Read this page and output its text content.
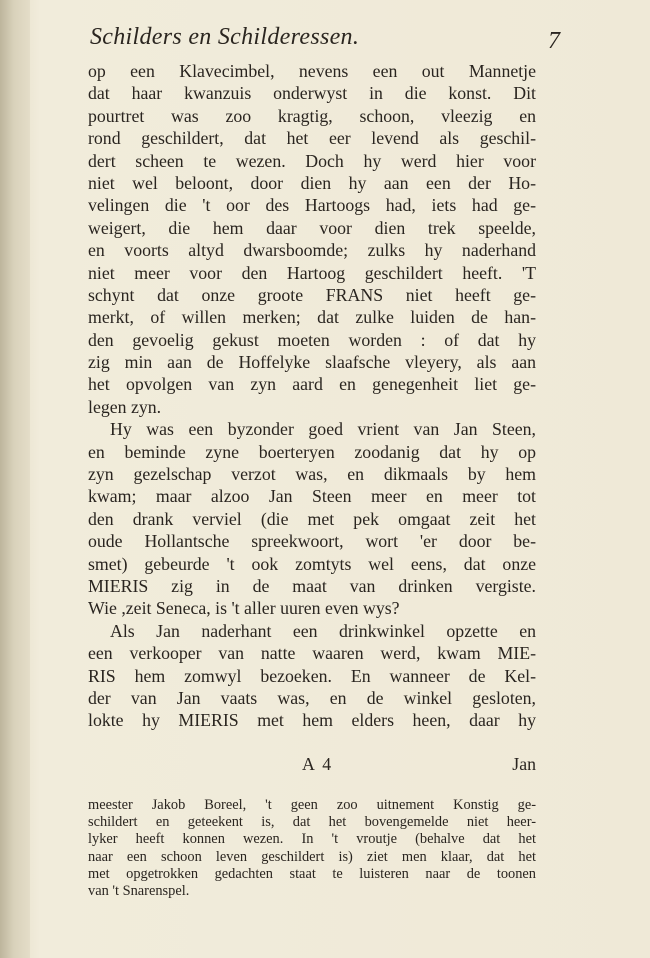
Schilders en Schilderessen.	7
op een Klavecimbel, nevens een out Mannetje
dat haar kwanzuis onderwyst in die konst. Dit
pourtret was zoo kragtig, schoon, vleezig en
rond geschildert, dat het eer levend als geschil-
dert scheen te wezen. Doch hy werd hier voor
niet wel beloont, door dien hy aan een der Ho-
velingen die 't oor des Hartoogs had, iets had ge-
weigert, die hem daar voor dien trek speelde,
en voorts altyd dwarsboomde; zulks hy naderhand
niet meer voor den Hartoog geschildert heeft. 'T
schynt dat onze groote FRANS niet heeft ge-
merkt, of willen merken; dat zulke luiden de han-
den gevoelig gekust moeten worden : of dat hy
zig min aan de Hoffelyke slaafsche vleyery, als aan
het opvolgen van zyn aard en genegenheit liet ge-
legen zyn.
Hy was een byzonder goed vrient van Jan Steen,
en beminde zyne boerteryen zoodanig dat hy op
zyn gezelschap verzot was, en dikmaals by hem
kwam; maar alzoo Jan Steen meer en meer tot
den drank verviel (die met pek omgaat zeit het
oude Hollantsche spreekwoort, wort 'er door be-
smet) gebeurde 't ook zomtyts wel eens, dat onze
MIERIS zig in de maat van drinken vergiste.
Wie ,zeit Seneca, is 't aller uuren even wys?
Als Jan naderhant een drinkwinkel opzette en
een verkooper van natte waaren werd, kwam MIE-
RIS hem zomwyl bezoeken. En wanneer de Kel-
der van Jan vaats was, en de winkel gesloten,
lokte hy MIERIS met hem elders heen, daar hy
A 4	Jan
meester Jakob Boreel, 't geen zoo uitnement Konstig ge-
schildert en geteekent is, dat het bovengemelde niet heer-
lyker heeft konnen wezen. In 't vroutje (behalve dat het
naar een schoon leven geschildert is) ziet men klaar, dat het
met opgetrokken gedachten staat te luisteren naar de toonen
van 't Snarenspel.
